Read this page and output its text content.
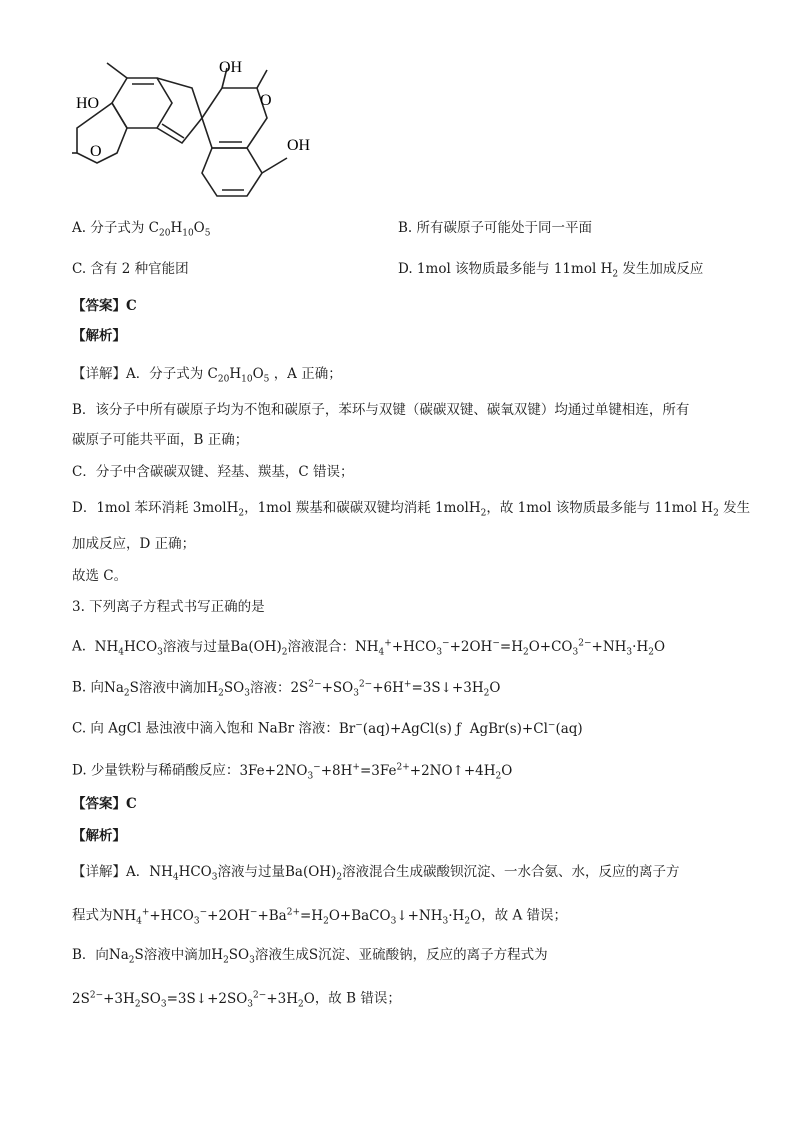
OH
HO
O
O
OH
A. 分子式为 $C_{20}H_{10}O_5$	B. 所有碳原子可能处于同一平面
C. 含有 2 种官能团	D. 1mol 该物质最多能与 11mol $H_2$ 发生加成反应
【答案】C
【解析】
【详解】A．分子式为 $C_{20}H_{10}O_5$ ，A 正确；
B．该分子中所有碳原子均为不饱和碳原子，苯环与双键（碳碳双键、碳氧双键）均通过单键相连，所有
碳原子可能共平面，B 正确；
C．分子中含碳碳双键、羟基、羰基，C 错误；
D．1mol 苯环消耗 3molH$_2$，1mol 羰基和碳碳双键均消耗 1molH$_2$，故 1mol 该物质最多能与 11mol $H_2$ 发生
加成反应，D 正确；
故选 C。
3. 下列离子方程式书写正确的是
A.  $NH_4HCO_3$溶液与过量$Ba(OH)_2$溶液混合：$NH_4^++HCO_3^-+2OH^-=H_2O+CO_3^{2-}+NH_3\cdot H_2O$
B. 向$Na_2S$溶液中滴加$H_2SO_3$溶液：$2S^{2-}+SO_3^{2-}+6H^+=3S↓+3H_2O$
C. 向 AgCl 悬浊液中滴入饱和 NaBr 溶液：Br−(aq)+AgCl(s) ƒ  AgBr(s)+Cl−(aq)
D. 少量铁粉与稀硝酸反应：$3Fe+2NO_3^-+8H^+=3Fe^{2+}+2NO↑+4H_2O$
【答案】C
【解析】
【详解】A．$NH_4HCO_3$溶液与过量$Ba(OH)_2$溶液混合生成碳酸钡沉淀、一水合氨、水，反应的离子方
程式为$NH_4^++HCO_3^-+2OH^-+Ba^{2+}=H_2O+BaCO_3↓+NH_3\cdot H_2O$，故 A 错误；
B．向$Na_2S$溶液中滴加$H_2SO_3$溶液生成S沉淀、亚硫酸钠，反应的离子方程式为
$2S^{2-}+3H_2SO_3=3S↓+2SO_3^{2-}+3H_2O$，故 B 错误；
